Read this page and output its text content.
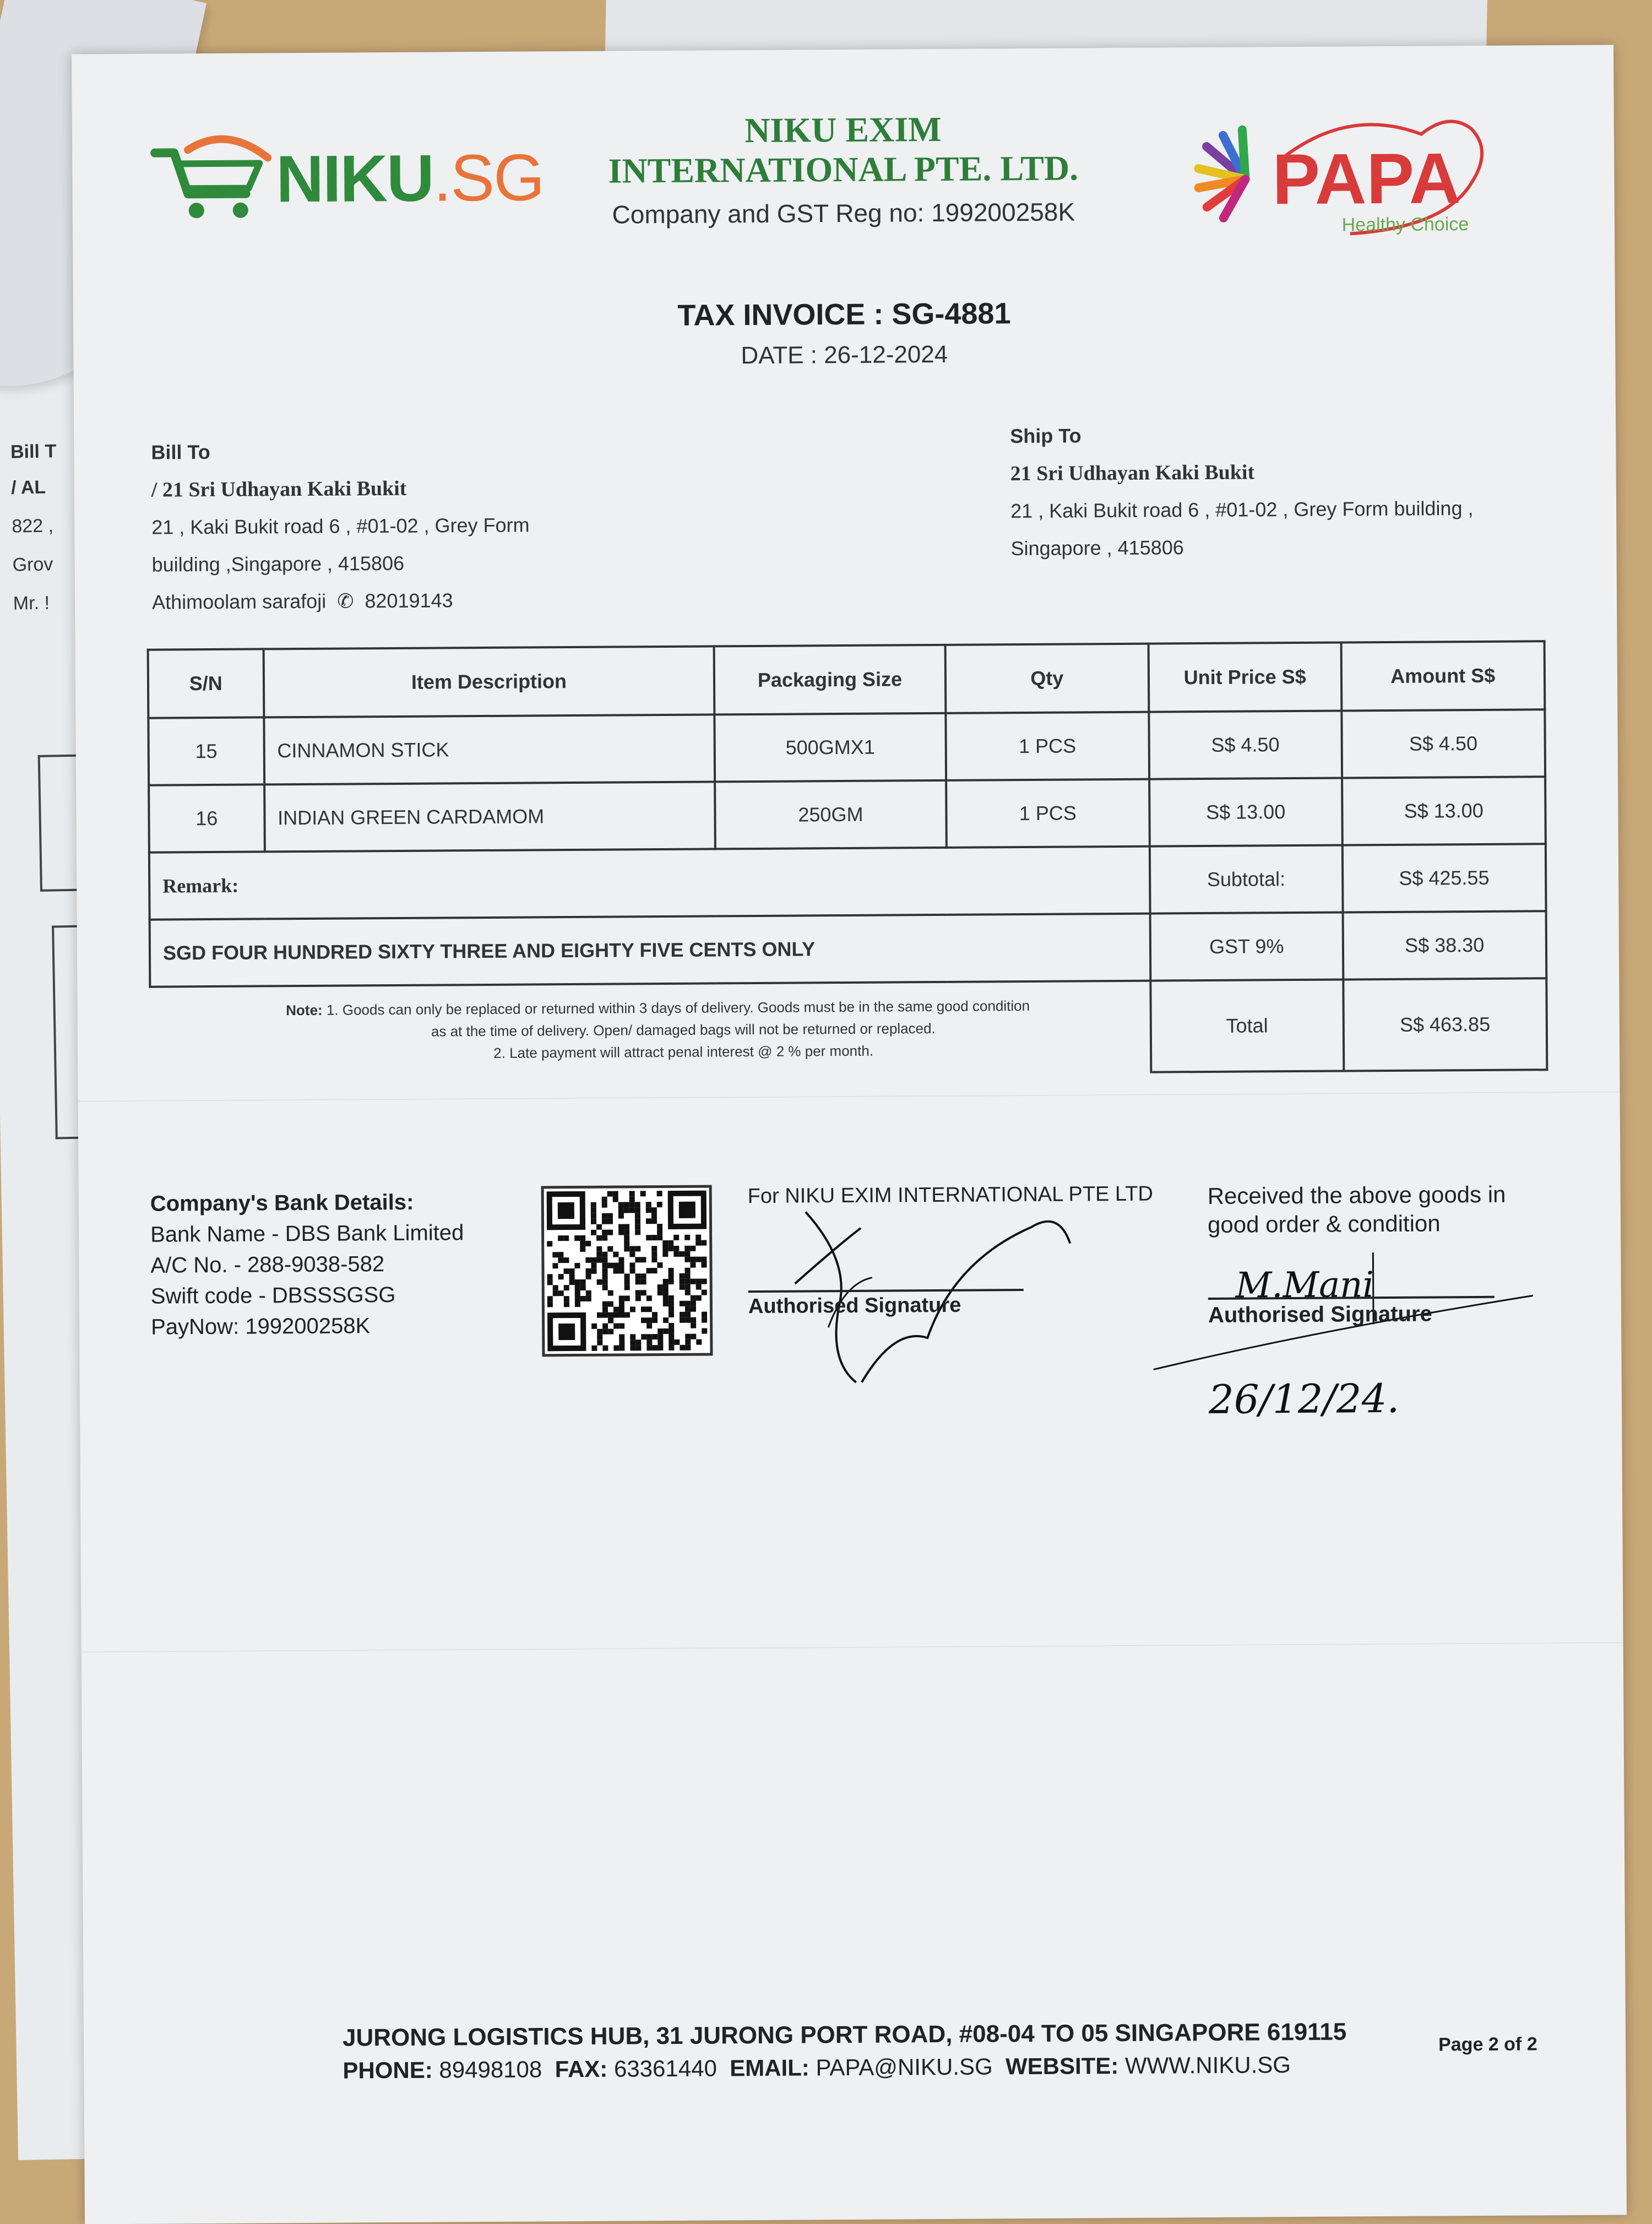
Bill T
/ AL
822 ,
Grov
Mr. !
NIKU.SG
NIKU EXIM
INTERNATIONAL PTE. LTD.
Company and GST Reg no: 199200258K	PAPA
Healthy Choice
TAX INVOICE : SG-4881
DATE : 26-12-2024
Bill To
/ 21 Sri Udhayan Kaki Bukit
21 , Kaki Bukit road 6 , #01-02 , Grey Form
building ,Singapore , 415806
Athimoolam sarafoji ✆ 82019143
Ship To
21 Sri Udhayan Kaki Bukit
21 , Kaki Bukit road 6 , #01-02 , Grey Form building ,
Singapore , 415806
S/N	Item Description	Packaging Size	Qty	Unit Price S$	Amount S$
15	CINNAMON STICK	500GMX1	1 PCS	S$ 4.50	S$ 4.50
16	INDIAN GREEN CARDAMOM	250GM	1 PCS	S$ 13.00	S$ 13.00
Remark:				Subtotal:	S$ 425.55
SGD FOUR HUNDRED SIXTY THREE AND EIGHTY FIVE CENTS ONLY				GST 9%	S$ 38.30
Note: 1. Goods can only be replaced or returned within 3 days of delivery. Goods must be in the same good condition
as at the time of delivery. Open/ damaged bags will not be returned or replaced.
2. Late payment will attract penal interest @ 2 % per month.				Total	S$ 463.85
Company's Bank Details:
Bank Name - DBS Bank Limited
A/C No. - 288-9038-582
Swift code - DBSSSGSG
PayNow: 199200258K
For NIKU EXIM INTERNATIONAL PTE LTD
Authorised Signature
Received the above goods in
good order & condition
M.Mani
26/12/24.
Authorised Signature
JURONG LOGISTICS HUB, 31 JURONG PORT ROAD, #08-04 TO 05 SINGAPORE 619115
PHONE: 89498108 FAX: 63361440 EMAIL: PAPA@NIKU.SG WEBSITE: WWW.NIKU.SG
Page 2 of 2
